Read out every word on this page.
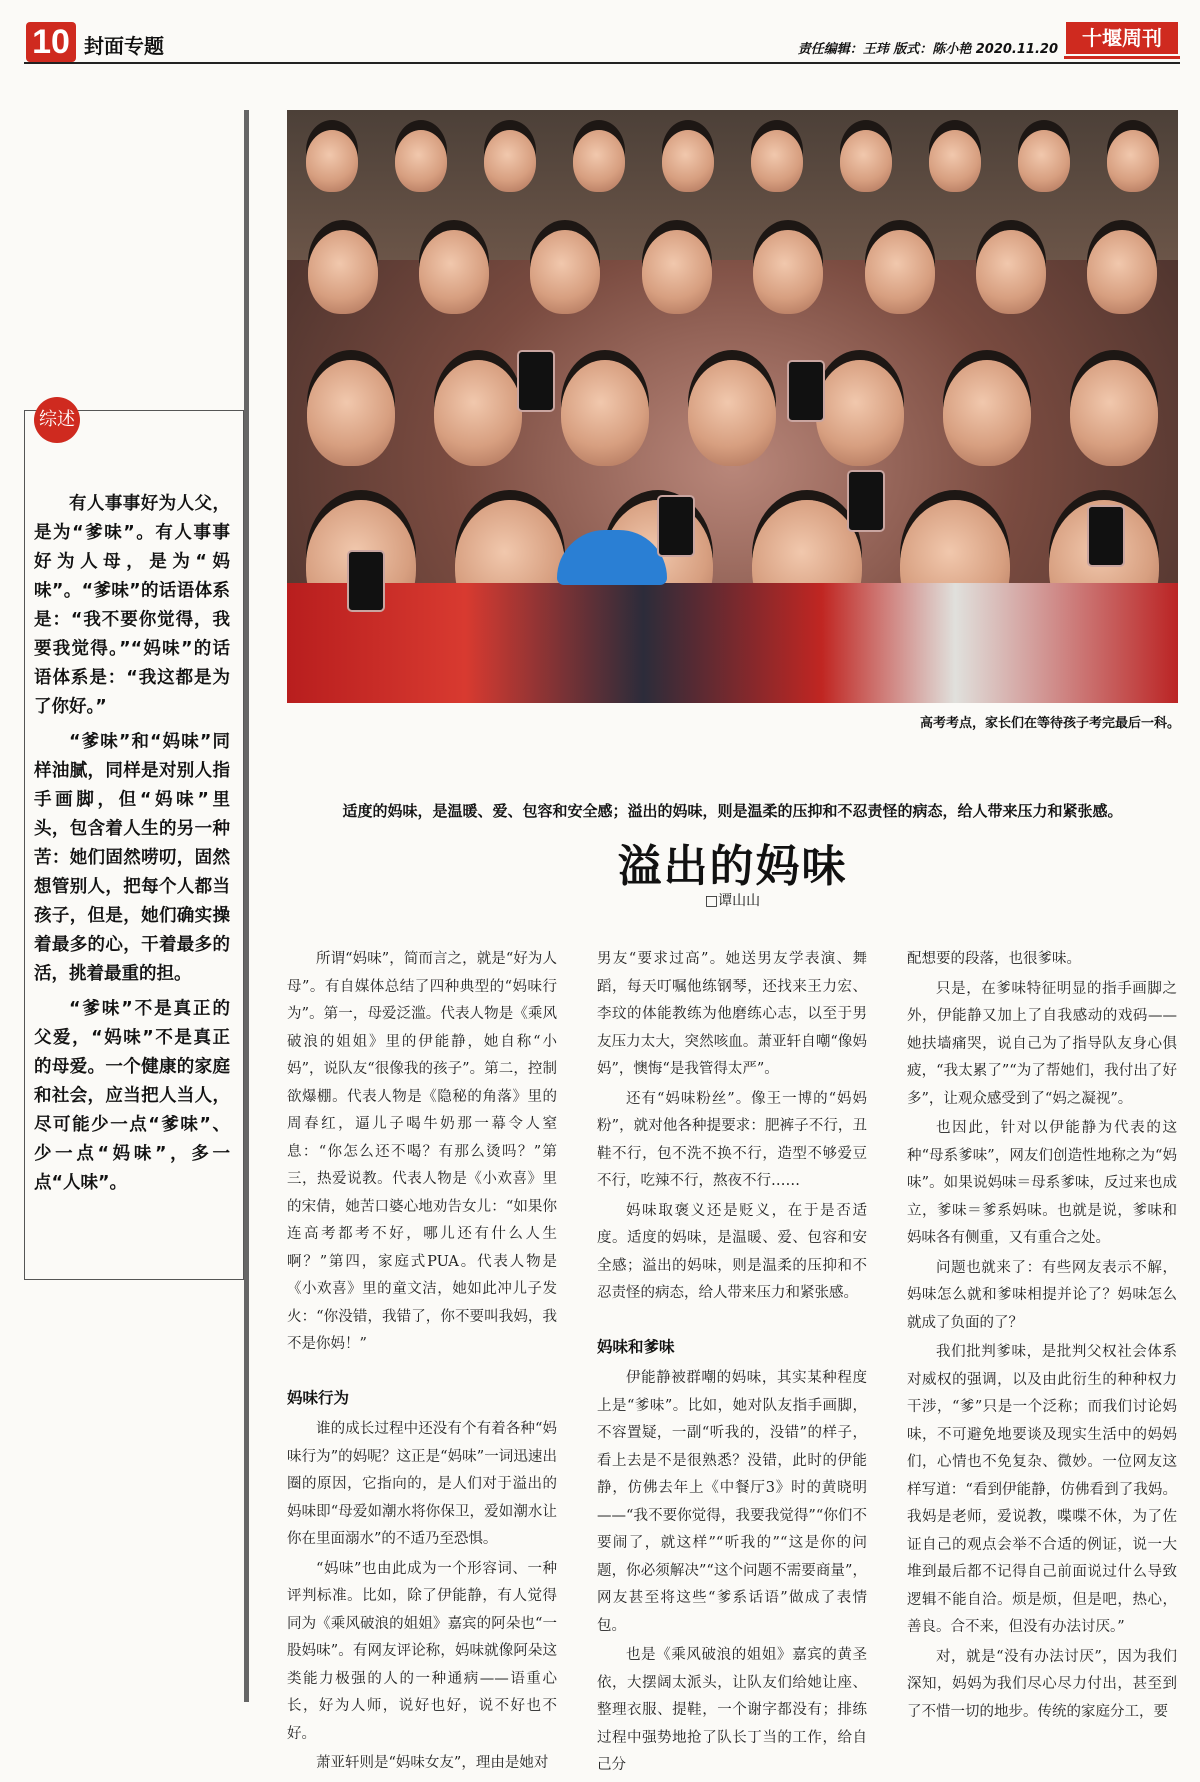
10 封面专题	责任编辑：王玮 版式：陈小艳 2020.11.20	十堰周刊
综述

有人事事好为人父，是为“爹味”。有人事事好为人母，是为“妈味”。“爹味”的话语体系是：“我不要你觉得，我要我觉得。”“妈味”的话语体系是：“我这都是为了你好。”

“爹味”和“妈味”同样油腻，同样是对别人指手画脚，但“妈味”里头，包含着人生的另一种苦：她们固然唠叨，固然想管别人，把每个人都当孩子，但是，她们确实操着最多的心，干着最多的活，挑着最重的担。

“爹味”不是真正的父爱，“妈味”不是真正的母爱。一个健康的家庭和社会，应当把人当人，尽可能少一点“爹味”、少一点“妈味”，多一点“人味”。

高考考点，家长们在等待孩子考完最后一科。
适度的妈味，是温暖、爱、包容和安全感；溢出的妈味，则是温柔的压抑和不忍责怪的病态，给人带来压力和紧张感。
溢出的妈味
□谭山山

所谓“妈味”，简而言之，就是“好为人母”。有自媒体总结了四种典型的“妈味行为”。第一，母爱泛滥。代表人物是《乘风破浪的姐姐》里的伊能静，她自称“小妈”，说队友“很像我的孩子”。第二，控制欲爆棚。代表人物是《隐秘的角落》里的周春红，逼儿子喝牛奶那一幕令人窒息：“你怎么还不喝？有那么烫吗？”第三，热爱说教。代表人物是《小欢喜》里的宋倩，她苦口婆心地劝告女儿：“如果你连高考都考不好，哪儿还有什么人生啊？”第四，家庭式PUA。代表人物是《小欢喜》里的童文洁，她如此冲儿子发火：“你没错，我错了，你不要叫我妈，我不是你妈！”

妈味行为

谁的成长过程中还没有个有着各种“妈味行为”的妈呢？这正是“妈味”一词迅速出圈的原因，它指向的，是人们对于溢出的妈味即“母爱如潮水将你保卫，爱如潮水让你在里面溺水”的不适乃至恐惧。

“妈味”也由此成为一个形容词、一种评判标准。比如，除了伊能静，有人觉得同为《乘风破浪的姐姐》嘉宾的阿朵也“一股妈味”。有网友评论称，妈味就像阿朵这类能力极强的人的一种通病——语重心长，好为人师，说好也好，说不好也不好。

萧亚轩则是“妈味女友”，理由是她对

男友“要求过高”。她送男友学表演、舞蹈，每天叮嘱他练钢琴，还找来王力宏、李玟的体能教练为他磨练心志，以至于男友压力太大，突然咳血。萧亚轩自嘲“像妈妈”，懊悔“是我管得太严”。

还有“妈味粉丝”。像王一博的“妈妈粉”，就对他各种提要求：肥裤子不行，丑鞋不行，包不洗不换不行，造型不够爱豆不行，吃辣不行，熬夜不行……

妈味取褒义还是贬义，在于是否适度。适度的妈味，是温暖、爱、包容和安全感；溢出的妈味，则是温柔的压抑和不忍责怪的病态，给人带来压力和紧张感。

妈味和爹味

伊能静被群嘲的妈味，其实某种程度上是“爹味”。比如，她对队友指手画脚，不容置疑，一副“听我的，没错”的样子，看上去是不是很熟悉？没错，此时的伊能静，仿佛去年上《中餐厅3》时的黄晓明——“我不要你觉得，我要我觉得”“你们不要闹了，就这样”“听我的”“这是你的问题，你必须解决”“这个问题不需要商量”，网友甚至将这些“爹系话语”做成了表情包。

也是《乘风破浪的姐姐》嘉宾的黄圣依，大摆阔太派头，让队友们给她让座、整理衣服、提鞋，一个谢字都没有；排练过程中强势地抢了队长丁当的工作，给自己分

配想要的段落，也很爹味。

只是，在爹味特征明显的指手画脚之外，伊能静又加上了自我感动的戏码——她扶墙痛哭，说自己为了指导队友身心俱疲，“我太累了”“为了帮她们，我付出了好多”，让观众感受到了“妈之凝视”。

也因此，针对以伊能静为代表的这种“母系爹味”，网友们创造性地称之为“妈味”。如果说妈味＝母系爹味，反过来也成立，爹味＝爹系妈味。也就是说，爹味和妈味各有侧重，又有重合之处。

问题也就来了：有些网友表示不解，妈味怎么就和爹味相提并论了？妈味怎么就成了负面的了？

我们批判爹味，是批判父权社会体系对威权的强调，以及由此衍生的种种权力干涉，“爹”只是一个泛称；而我们讨论妈味，不可避免地要谈及现实生活中的妈妈们，心情也不免复杂、微妙。一位网友这样写道：“看到伊能静，仿佛看到了我妈。我妈是老师，爱说教，喋喋不休，为了佐证自己的观点会举不合适的例证，说一大堆到最后都不记得自己前面说过什么导致逻辑不能自洽。烦是烦，但是吧，热心，善良。合不来，但没有办法讨厌。”

对，就是“没有办法讨厌”，因为我们深知，妈妈为我们尽心尽力付出，甚至到了不惜一切的地步。传统的家庭分工，要
